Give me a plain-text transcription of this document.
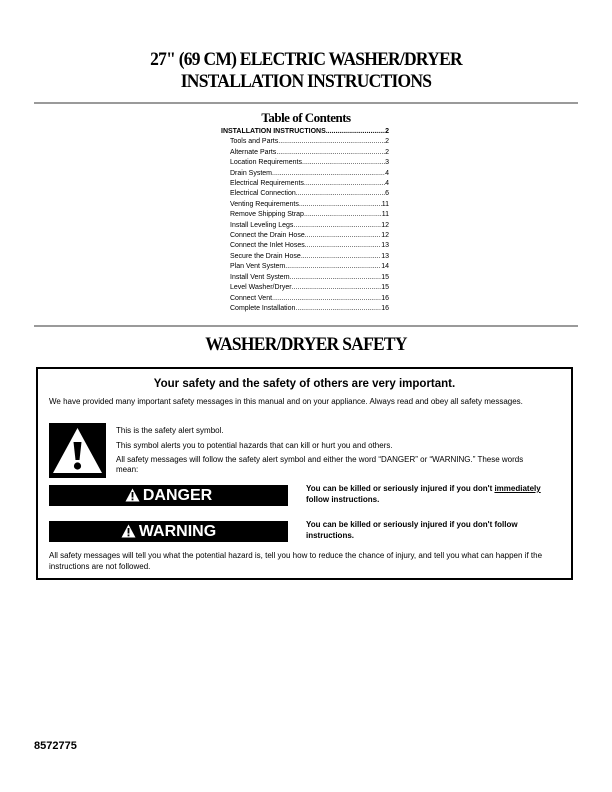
27" (69 CM) ELECTRIC WASHER/DRYER
INSTALLATION INSTRUCTIONS
Table of Contents
INSTALLATION INSTRUCTIONS .....	2
Tools and Parts .....	2
Alternate Parts .....	2
Location Requirements .....	3
Drain System .....	4
Electrical Requirements .....	4
Electrical Connection .....	6
Venting Requirements .....	11
Remove Shipping Strap .....	11
Install Leveling Legs .....	12
Connect the Drain Hose .....	12
Connect the Inlet Hoses .....	13
Secure the Drain Hose .....	13
Plan Vent System .....	14
Install Vent System .....	15
Level Washer/Dryer .....	15
Connect Vent .....	16
Complete Installation .....	16
WASHER/DRYER SAFETY
Your safety and the safety of others are very important.
We have provided many important safety messages in this manual and on your appliance. Always read and obey all safety messages.
This is the safety alert symbol.
This symbol alerts you to potential hazards that can kill or hurt you and others.
All safety messages will follow the safety alert symbol and either the word “DANGER” or “WARNING.” These words mean:
DANGER	You can be killed or seriously injured if you don't immediately follow instructions.
WARNING	You can be killed or seriously injured if you don't follow instructions.
All safety messages will tell you what the potential hazard is, tell you how to reduce the chance of injury, and tell you what can happen if the instructions are not followed.
8572775
